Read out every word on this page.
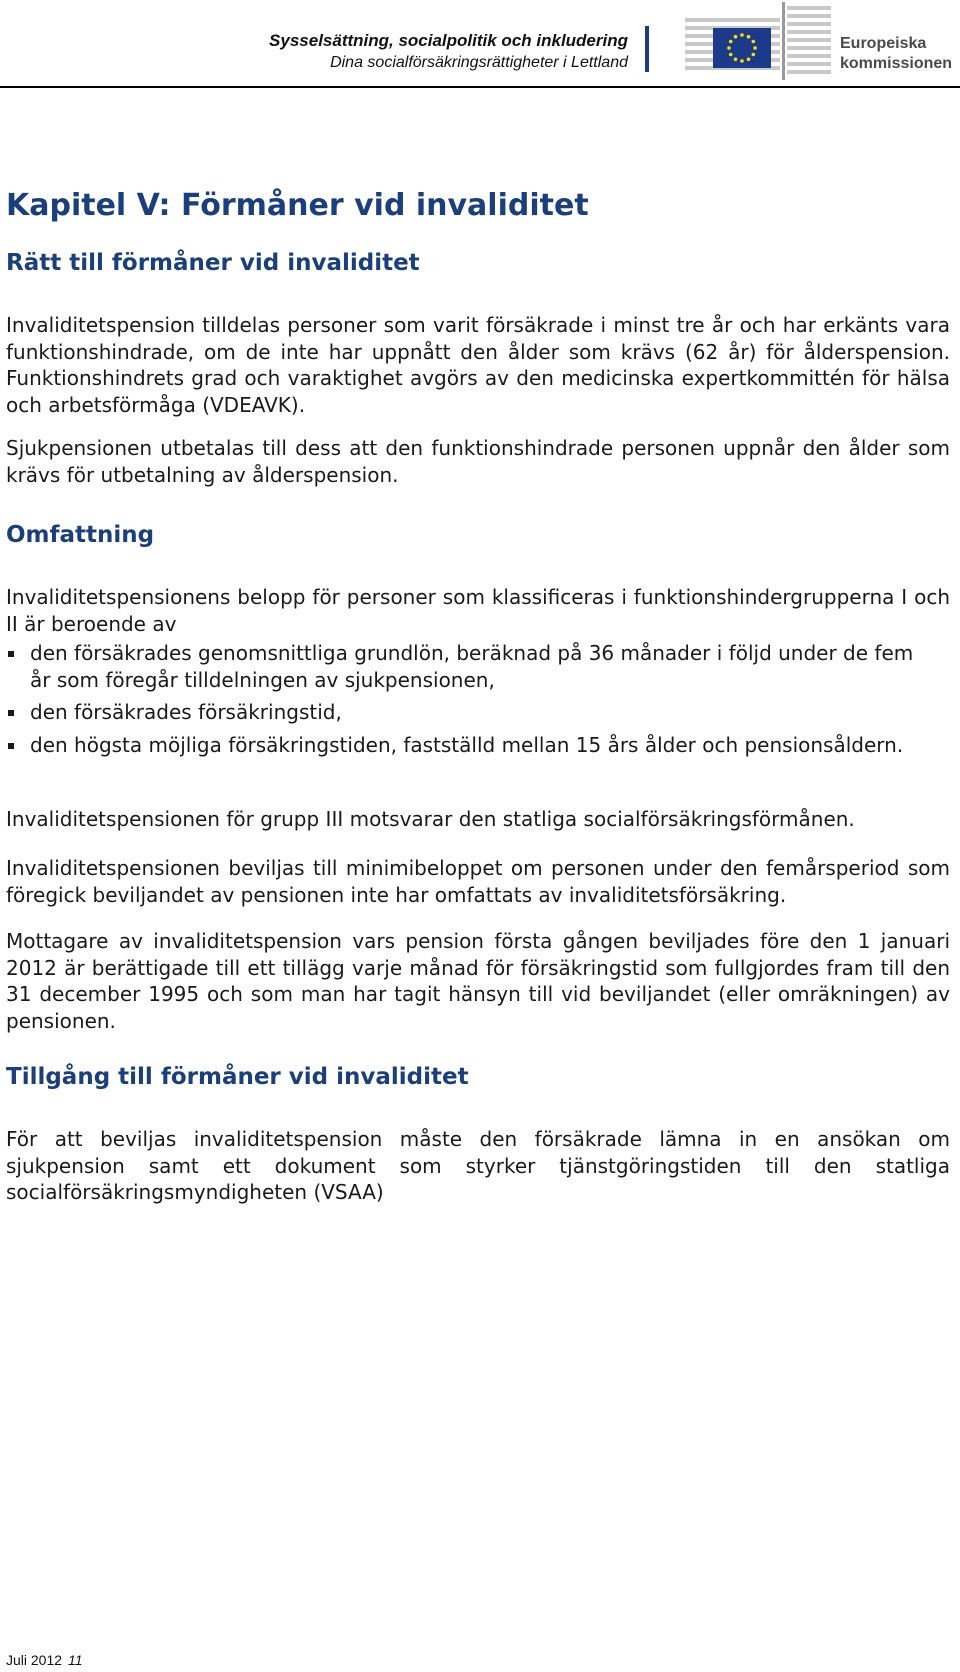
Sysselsättning, socialpolitik och inkludering
Dina socialförsäkringsrättigheter i Lettland
Europeiska
kommissionen
Kapitel V: Förmåner vid invaliditet
Rätt till förmåner vid invaliditet

Invaliditetspension tilldelas personer som varit försäkrade i minst tre år och har erkänts vara funktionshindrade, om de inte har uppnått den ålder som krävs (62 år) för ålderspension. Funktionshindrets grad och varaktighet avgörs av den medicinska expertkommittén för hälsa och arbetsförmåga (VDEAVK).

Sjukpensionen utbetalas till dess att den funktionshindrade personen uppnår den ålder som krävs för utbetalning av ålderspension.

Omfattning

Invaliditetspensionens belopp för personer som klassificeras i funktionshindergrupperna I och II är beroende av

den försäkrades genomsnittliga grundlön, beräknad på 36 månader i följd under de fem år som föregår tilldelningen av sjukpensionen,
den försäkrades försäkringstid,
den högsta möjliga försäkringstiden, fastställd mellan 15 års ålder och pensionsåldern.

Invaliditetspensionen för grupp III motsvarar den statliga socialförsäkringsförmånen.

Invaliditetspensionen beviljas till minimibeloppet om personen under den femårsperiod som föregick beviljandet av pensionen inte har omfattats av invaliditetsförsäkring.

Mottagare av invaliditetspension vars pension första gången beviljades före den 1 januari 2012 är berättigade till ett tillägg varje månad för försäkringstid som fullgjordes fram till den 31 december 1995 och som man har tagit hänsyn till vid beviljandet (eller omräkningen) av pensionen.

Tillgång till förmåner vid invaliditet

För att beviljas invaliditetspension måste den försäkrade lämna in en ansökan om sjukpension samt ett dokument som styrker tjänstgöringstiden till den statliga socialförsäkringsmyndigheten (VSAA)

Juli 2012 11
